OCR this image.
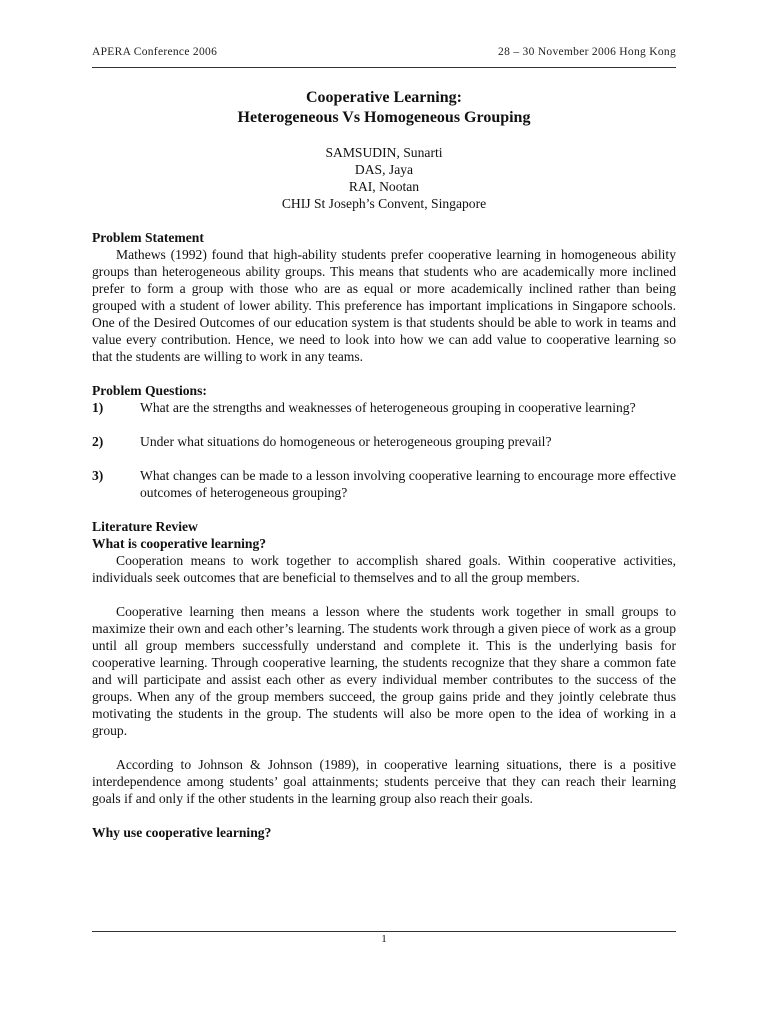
APERA Conference 2006	28 – 30 November 2006 Hong Kong
Cooperative Learning:
Heterogeneous Vs Homogeneous Grouping
SAMSUDIN, Sunarti
DAS, Jaya
RAI, Nootan
CHIJ St Joseph’s Convent, Singapore
Problem Statement

Mathews (1992) found that high-ability students prefer cooperative learning in homogeneous ability groups than heterogeneous ability groups. This means that students who are academically more inclined prefer to form a group with those who are as equal or more academically inclined rather than being grouped with a student of lower ability. This preference has important implications in Singapore schools. One of the Desired Outcomes of our education system is that students should be able to work in teams and value every contribution. Hence, we need to look into how we can add value to cooperative learning so that the students are willing to work in any teams.

Problem Questions:
1)	What are the strengths and weaknesses of heterogeneous grouping in cooperative learning?
2)	Under what situations do homogeneous or heterogeneous grouping prevail?
3)	What changes can be made to a lesson involving cooperative learning to encourage more effective outcomes of heterogeneous grouping?
Literature Review
What is cooperative learning?

Cooperation means to work together to accomplish shared goals. Within cooperative activities, individuals seek outcomes that are beneficial to themselves and to all the group members.

Cooperative learning then means a lesson where the students work together in small groups to maximize their own and each other’s learning. The students work through a given piece of work as a group until all group members successfully understand and complete it. This is the underlying basis for cooperative learning. Through cooperative learning, the students recognize that they share a common fate and will participate and assist each other as every individual member contributes to the success of the groups. When any of the group members succeed, the group gains pride and they jointly celebrate thus motivating the students in the group. The students will also be more open to the idea of working in a group.

According to Johnson & Johnson (1989), in cooperative learning situations, there is a positive interdependence among students’ goal attainments; students perceive that they can reach their learning goals if and only if the other students in the learning group also reach their goals.

Why use cooperative learning?
1
